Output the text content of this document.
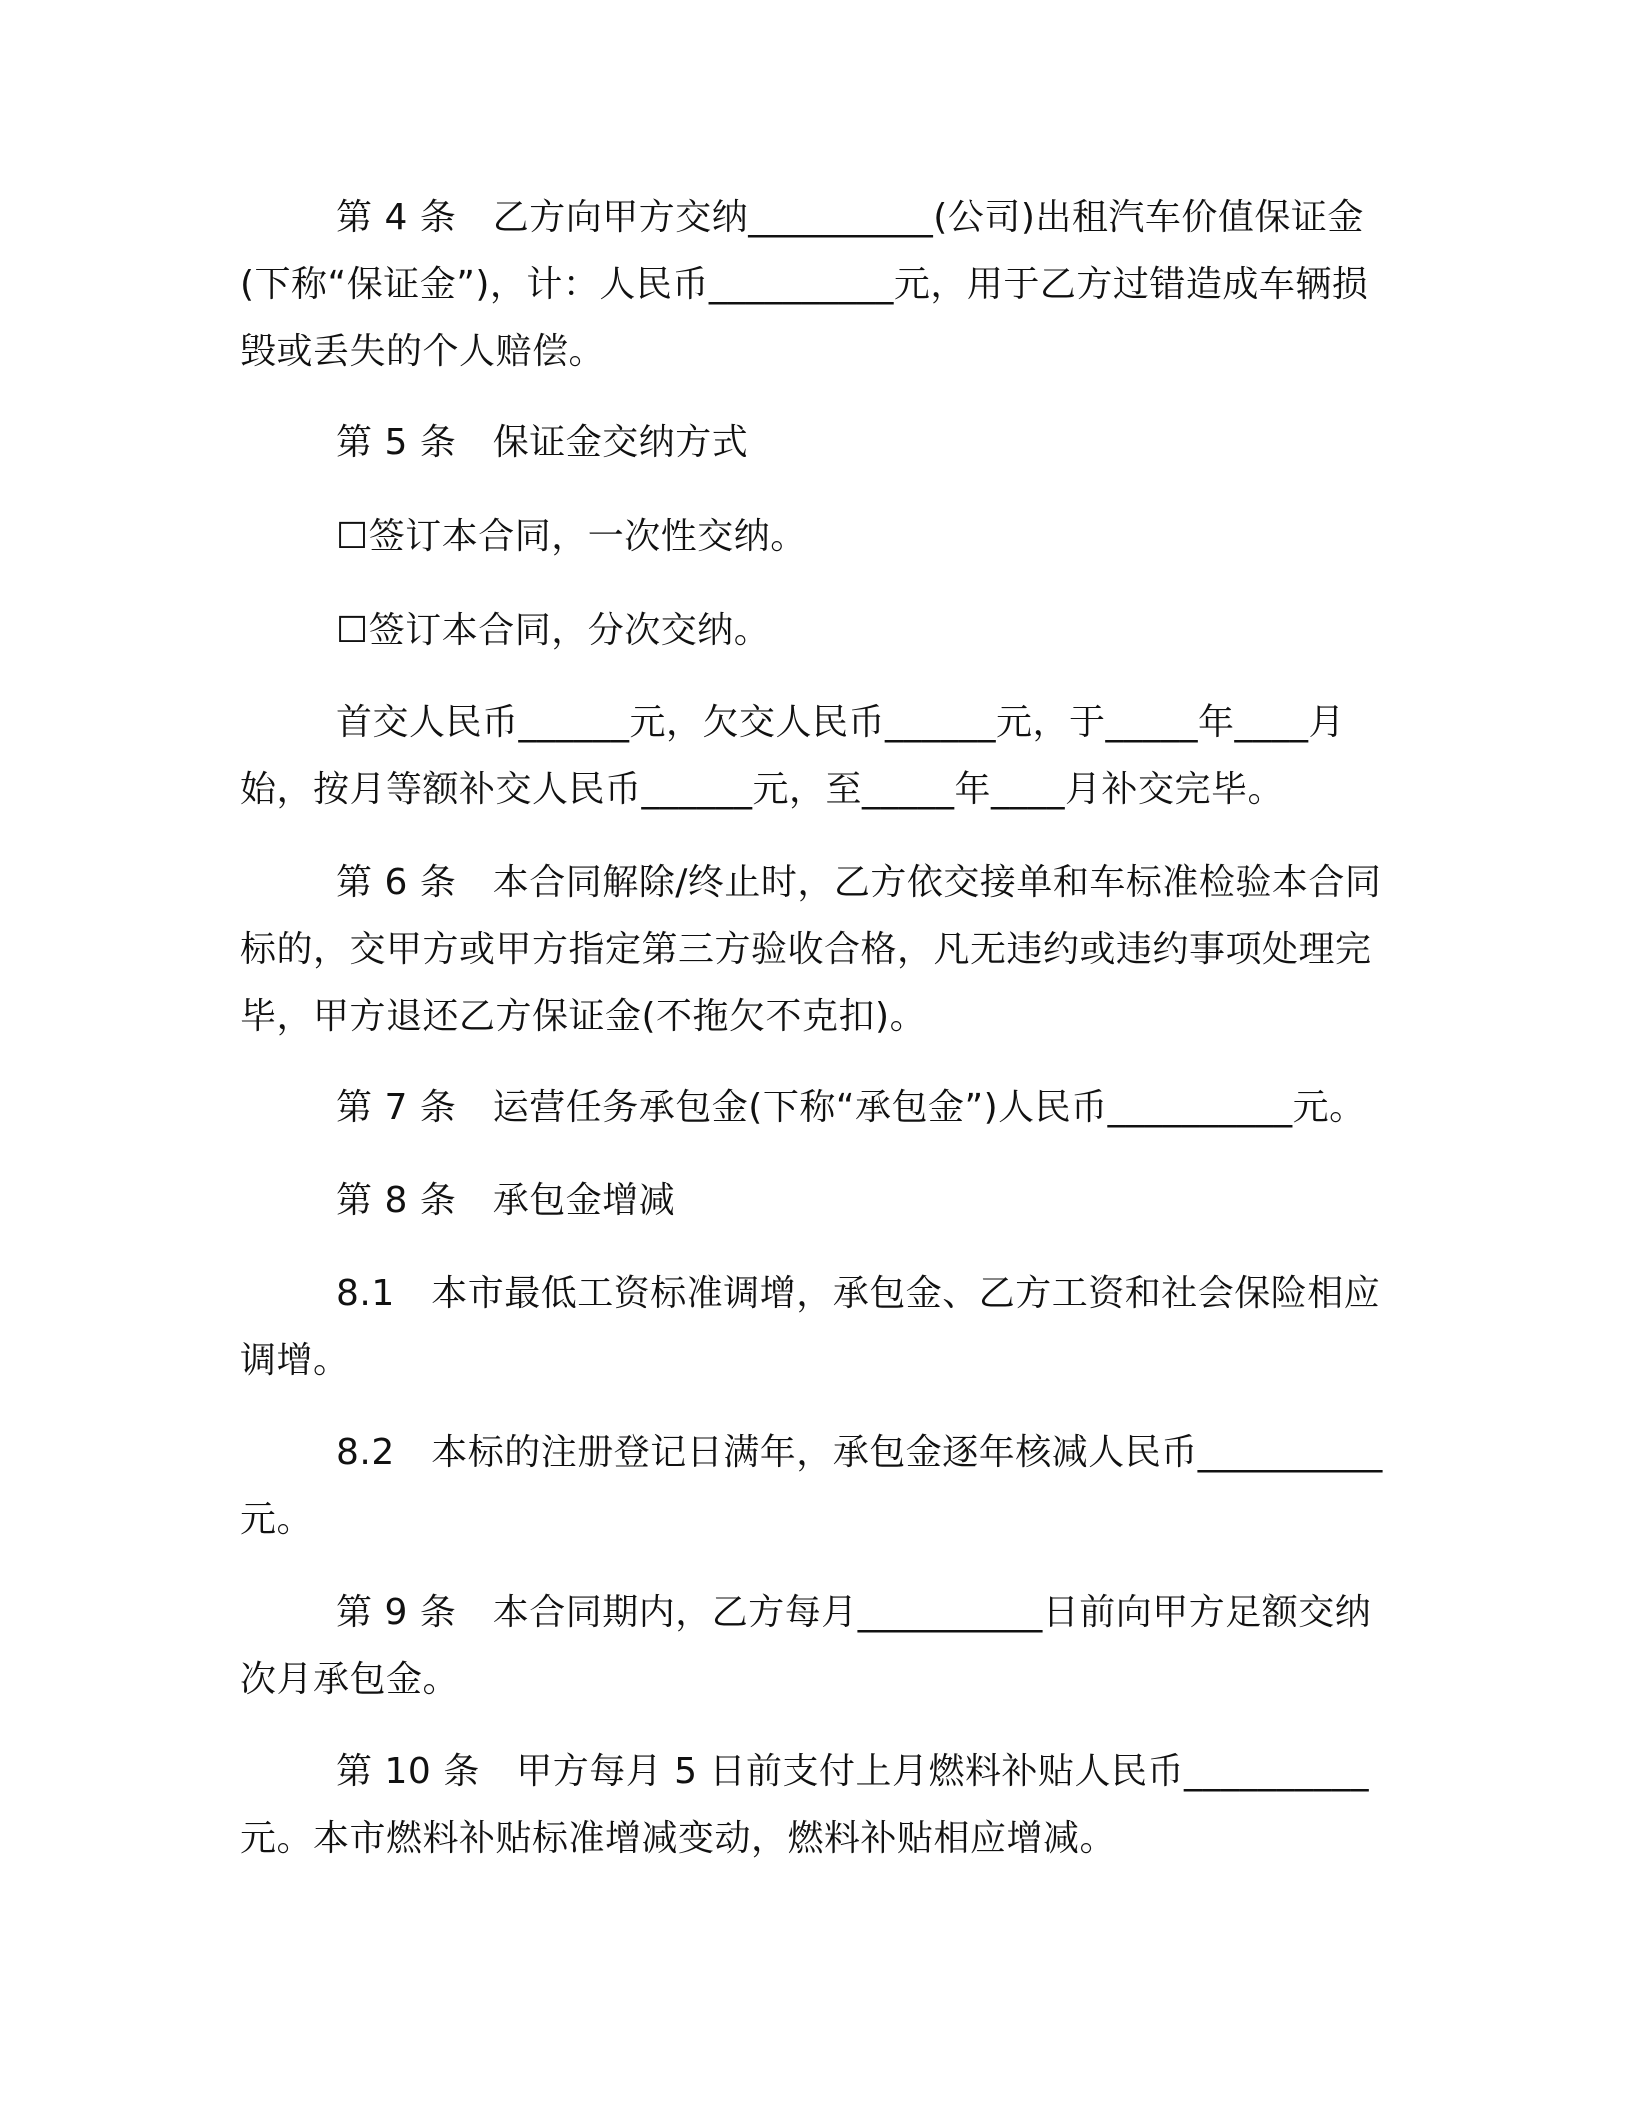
第 4 条　乙方向甲方交纳__________(公司)出租汽车价值保证金(下称“保证金”)，计：人民币__________元，用于乙方过错造成车辆损毁或丢失的个人赔偿。

第 5 条　保证金交纳方式

☐签订本合同，一次性交纳。

☐签订本合同，分次交纳。

首交人民币______元，欠交人民币______元，于_____年____月始，按月等额补交人民币______元，至_____年____月补交完毕。

第 6 条　本合同解除/终止时，乙方依交接单和车标准检验本合同标的，交甲方或甲方指定第三方验收合格，凡无违约或违约事项处理完毕，甲方退还乙方保证金(不拖欠不克扣)。

第 7 条　运营任务承包金(下称“承包金”)人民币__________元。

第 8 条　承包金增减

8.1　本市最低工资标准调增，承包金、乙方工资和社会保险相应调增。

8.2　本标的注册登记日满年，承包金逐年核减人民币__________元。

第 9 条　本合同期内，乙方每月__________日前向甲方足额交纳次月承包金。

第 10 条　甲方每月 5 日前支付上月燃料补贴人民币__________元。本市燃料补贴标准增减变动，燃料补贴相应增减。
